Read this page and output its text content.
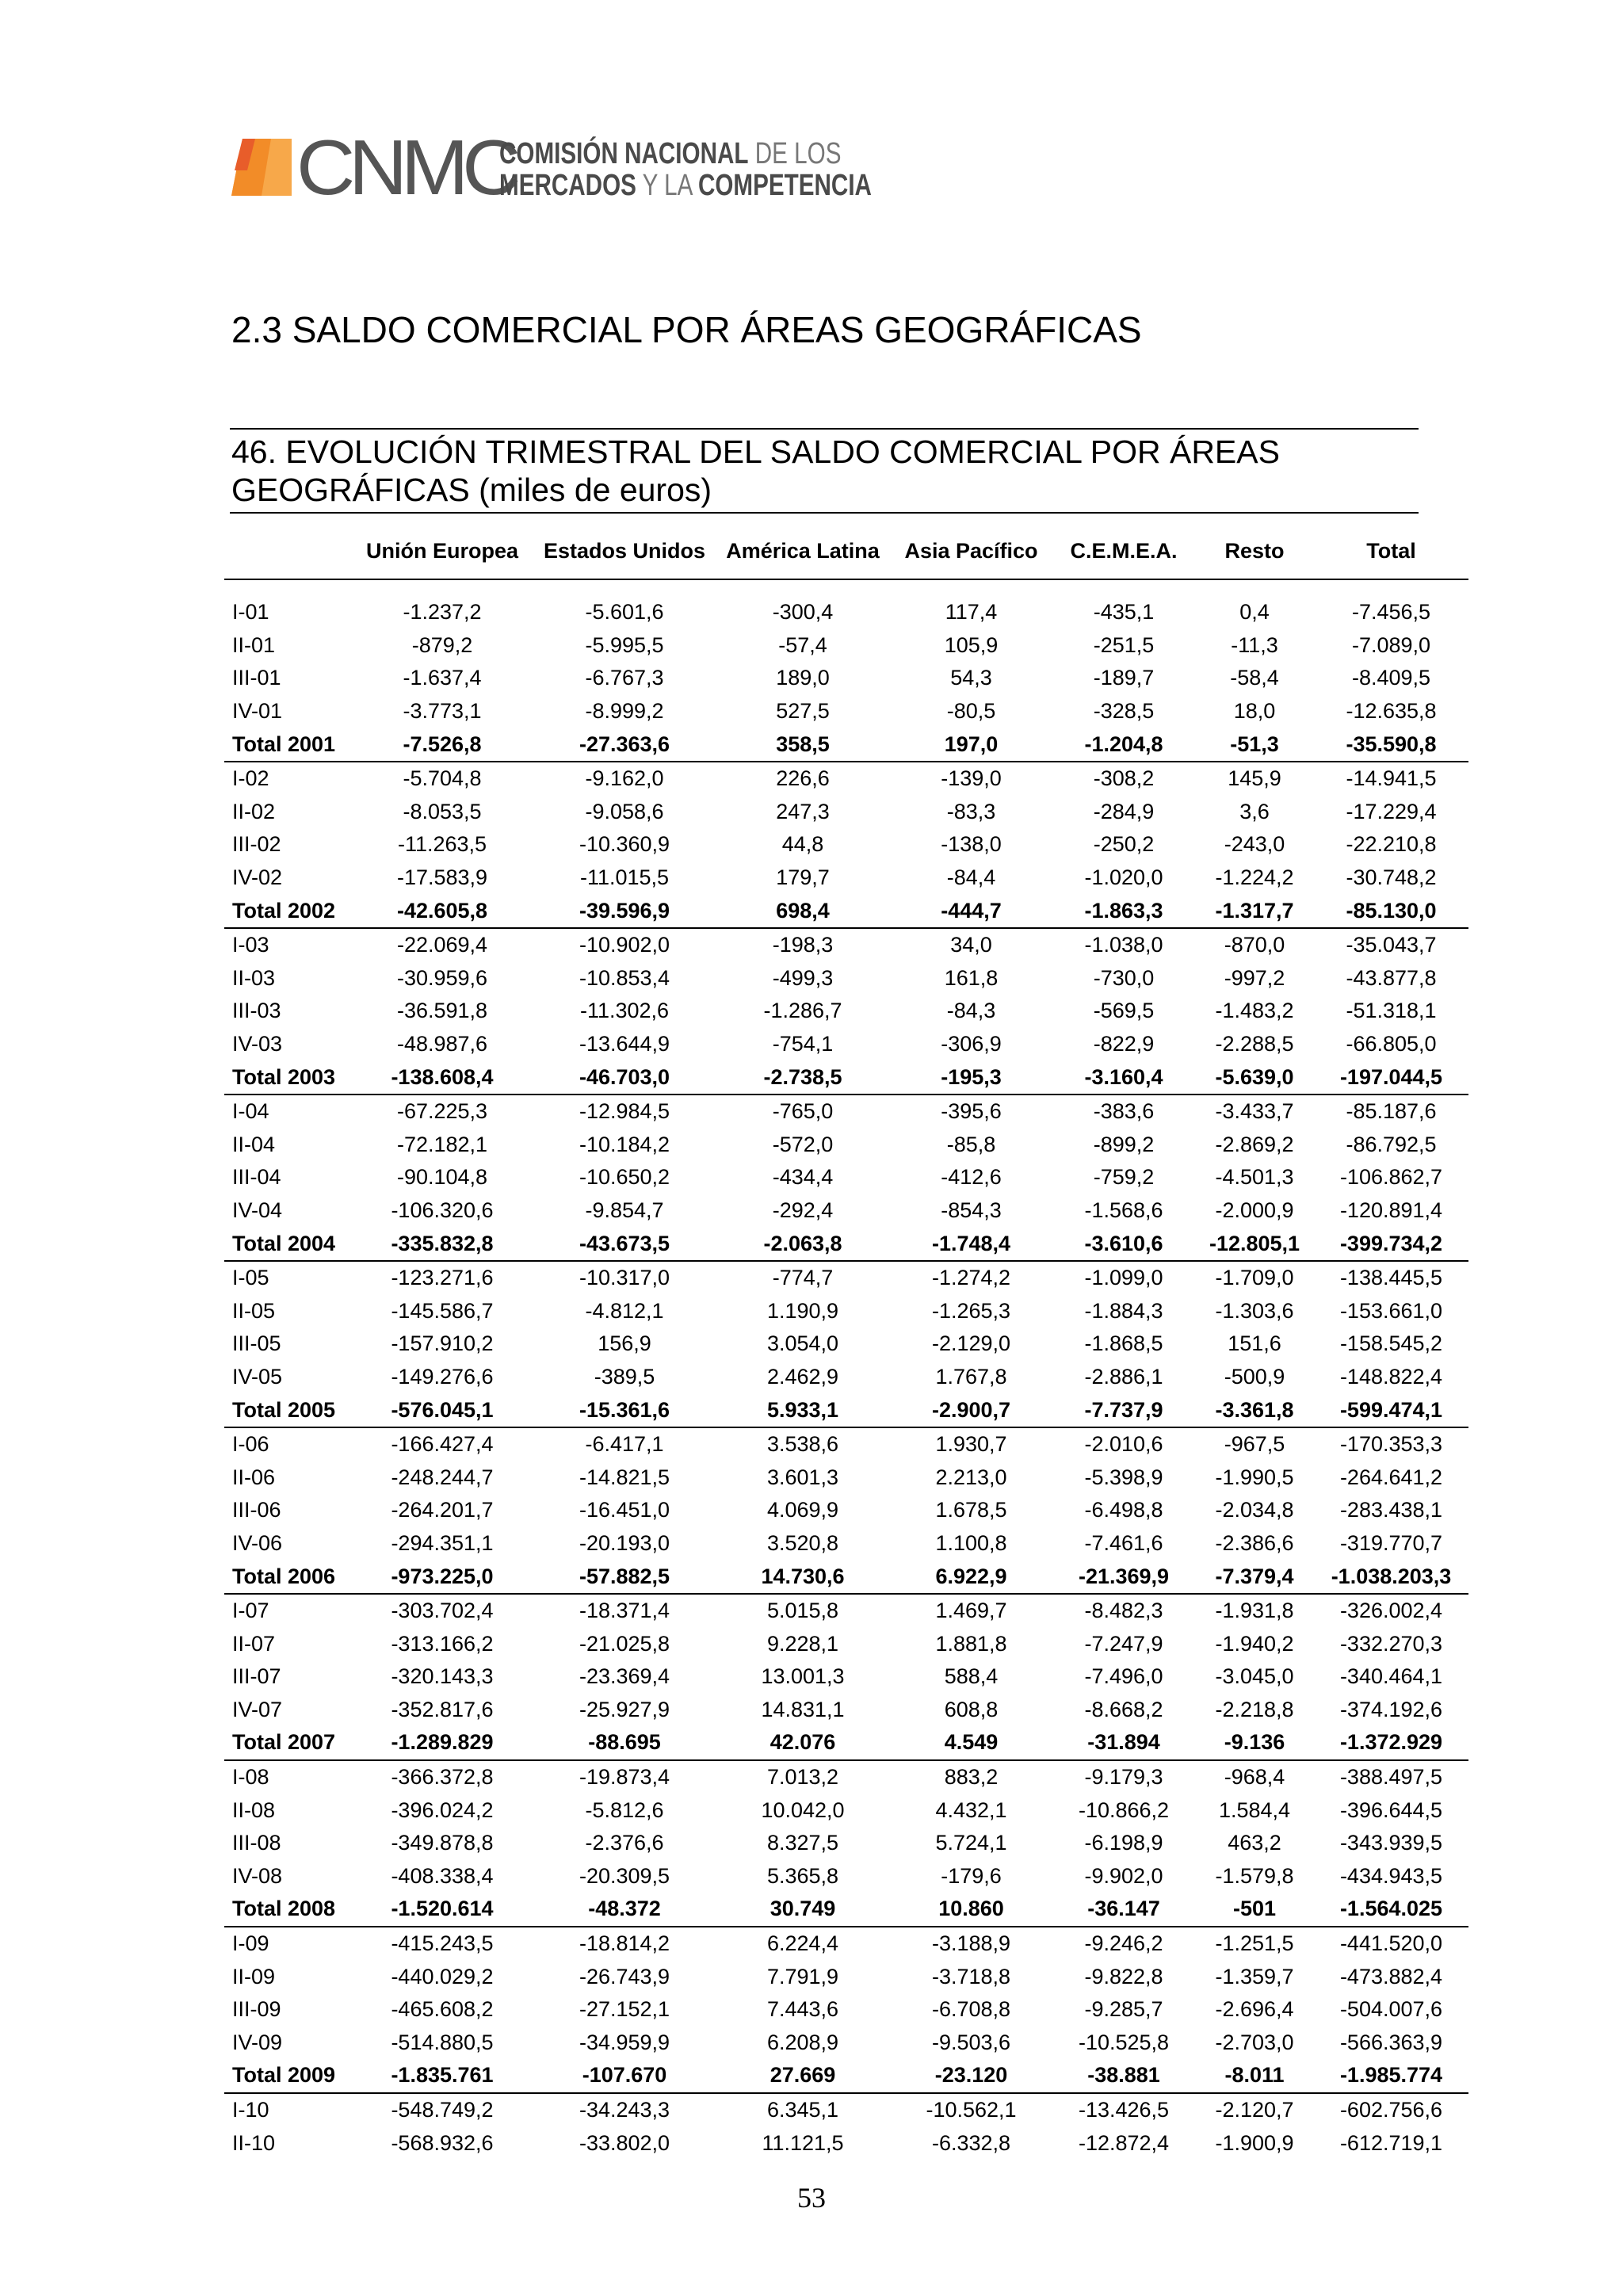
CNMC
COMISIÓN NACIONAL DE LOS
MERCADOS Y LA COMPETENCIA
2.3 SALDO COMERCIAL POR ÁREAS GEOGRÁFICAS
46. EVOLUCIÓN TRIMESTRAL DEL SALDO COMERCIAL POR ÁREAS GEOGRÁFICAS (miles de euros)
	Unión Europea	Estados Unidos	América Latina	Asia Pacífico	C.E.M.E.A.	Resto	Total

I-01	-1.237,2	-5.601,6	-300,4	117,4	-435,1	0,4	-7.456,5
II-01	-879,2	-5.995,5	-57,4	105,9	-251,5	-11,3	-7.089,0
III-01	-1.637,4	-6.767,3	189,0	54,3	-189,7	-58,4	-8.409,5
IV-01	-3.773,1	-8.999,2	527,5	-80,5	-328,5	18,0	-12.635,8
Total 2001	-7.526,8	-27.363,6	358,5	197,0	-1.204,8	-51,3	-35.590,8
I-02	-5.704,8	-9.162,0	226,6	-139,0	-308,2	145,9	-14.941,5
II-02	-8.053,5	-9.058,6	247,3	-83,3	-284,9	3,6	-17.229,4
III-02	-11.263,5	-10.360,9	44,8	-138,0	-250,2	-243,0	-22.210,8
IV-02	-17.583,9	-11.015,5	179,7	-84,4	-1.020,0	-1.224,2	-30.748,2
Total 2002	-42.605,8	-39.596,9	698,4	-444,7	-1.863,3	-1.317,7	-85.130,0
I-03	-22.069,4	-10.902,0	-198,3	34,0	-1.038,0	-870,0	-35.043,7
II-03	-30.959,6	-10.853,4	-499,3	161,8	-730,0	-997,2	-43.877,8
III-03	-36.591,8	-11.302,6	-1.286,7	-84,3	-569,5	-1.483,2	-51.318,1
IV-03	-48.987,6	-13.644,9	-754,1	-306,9	-822,9	-2.288,5	-66.805,0
Total 2003	-138.608,4	-46.703,0	-2.738,5	-195,3	-3.160,4	-5.639,0	-197.044,5
I-04	-67.225,3	-12.984,5	-765,0	-395,6	-383,6	-3.433,7	-85.187,6
II-04	-72.182,1	-10.184,2	-572,0	-85,8	-899,2	-2.869,2	-86.792,5
III-04	-90.104,8	-10.650,2	-434,4	-412,6	-759,2	-4.501,3	-106.862,7
IV-04	-106.320,6	-9.854,7	-292,4	-854,3	-1.568,6	-2.000,9	-120.891,4
Total 2004	-335.832,8	-43.673,5	-2.063,8	-1.748,4	-3.610,6	-12.805,1	-399.734,2
I-05	-123.271,6	-10.317,0	-774,7	-1.274,2	-1.099,0	-1.709,0	-138.445,5
II-05	-145.586,7	-4.812,1	1.190,9	-1.265,3	-1.884,3	-1.303,6	-153.661,0
III-05	-157.910,2	156,9	3.054,0	-2.129,0	-1.868,5	151,6	-158.545,2
IV-05	-149.276,6	-389,5	2.462,9	1.767,8	-2.886,1	-500,9	-148.822,4
Total 2005	-576.045,1	-15.361,6	5.933,1	-2.900,7	-7.737,9	-3.361,8	-599.474,1
I-06	-166.427,4	-6.417,1	3.538,6	1.930,7	-2.010,6	-967,5	-170.353,3
II-06	-248.244,7	-14.821,5	3.601,3	2.213,0	-5.398,9	-1.990,5	-264.641,2
III-06	-264.201,7	-16.451,0	4.069,9	1.678,5	-6.498,8	-2.034,8	-283.438,1
IV-06	-294.351,1	-20.193,0	3.520,8	1.100,8	-7.461,6	-2.386,6	-319.770,7
Total 2006	-973.225,0	-57.882,5	14.730,6	6.922,9	-21.369,9	-7.379,4	-1.038.203,3
I-07	-303.702,4	-18.371,4	5.015,8	1.469,7	-8.482,3	-1.931,8	-326.002,4
II-07	-313.166,2	-21.025,8	9.228,1	1.881,8	-7.247,9	-1.940,2	-332.270,3
III-07	-320.143,3	-23.369,4	13.001,3	588,4	-7.496,0	-3.045,0	-340.464,1
IV-07	-352.817,6	-25.927,9	14.831,1	608,8	-8.668,2	-2.218,8	-374.192,6
Total 2007	-1.289.829	-88.695	42.076	4.549	-31.894	-9.136	-1.372.929
I-08	-366.372,8	-19.873,4	7.013,2	883,2	-9.179,3	-968,4	-388.497,5
II-08	-396.024,2	-5.812,6	10.042,0	4.432,1	-10.866,2	1.584,4	-396.644,5
III-08	-349.878,8	-2.376,6	8.327,5	5.724,1	-6.198,9	463,2	-343.939,5
IV-08	-408.338,4	-20.309,5	5.365,8	-179,6	-9.902,0	-1.579,8	-434.943,5
Total 2008	-1.520.614	-48.372	30.749	10.860	-36.147	-501	-1.564.025
I-09	-415.243,5	-18.814,2	6.224,4	-3.188,9	-9.246,2	-1.251,5	-441.520,0
II-09	-440.029,2	-26.743,9	7.791,9	-3.718,8	-9.822,8	-1.359,7	-473.882,4
III-09	-465.608,2	-27.152,1	7.443,6	-6.708,8	-9.285,7	-2.696,4	-504.007,6
IV-09	-514.880,5	-34.959,9	6.208,9	-9.503,6	-10.525,8	-2.703,0	-566.363,9
Total 2009	-1.835.761	-107.670	27.669	-23.120	-38.881	-8.011	-1.985.774
I-10	-548.749,2	-34.243,3	6.345,1	-10.562,1	-13.426,5	-2.120,7	-602.756,6
II-10	-568.932,6	-33.802,0	11.121,5	-6.332,8	-12.872,4	-1.900,9	-612.719,1
53
